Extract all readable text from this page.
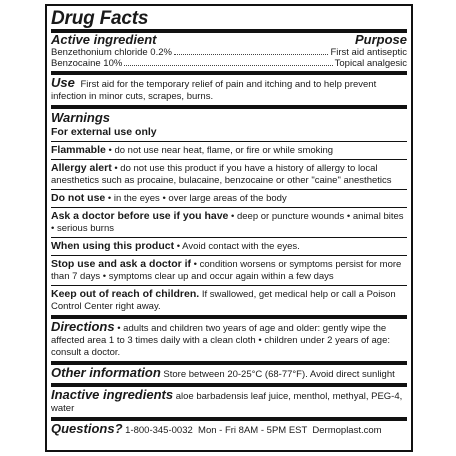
Drug Facts
Active ingredient	Purpose
Benzethonium chloride 0.2%	First aid antiseptic
Benzocaine 10%	Topical analgesic
Use First aid for the temporary relief of pain and itching and to help prevent infection in minor cuts, scrapes, burns.
Warnings
For external use only
Flammable • do not use near heat, flame, or fire or while smoking
Allergy alert • do not use this product if you have a history of allergy to local anesthetics such as procaine, bulacaine, benzocaine or other "caine" anesthetics
Do not use • in the eyes • over large areas of the body
Ask a doctor before use if you have • deep or puncture wounds • animal bites • serious burns
When using this product • Avoid contact with the eyes.
Stop use and ask a doctor if • condition worsens or symptoms persist for more than 7 days • symptoms clear up and occur again within a few days
Keep out of reach of children. If swallowed, get medical help or call a Poison Control Center right away.
Directions • adults and children two years of age and older: gently wipe the affected area 1 to 3 times daily with a clean cloth • children under 2 years of age: consult a doctor.
Other information Store between 20-25°C (68-77°F). Avoid direct sunlight
Inactive ingredients aloe barbadensis leaf juice, menthol, methyal, PEG-4, water
Questions? 1-800-345-0032  Mon - Fri 8AM - 5PM EST  Dermoplast.com
